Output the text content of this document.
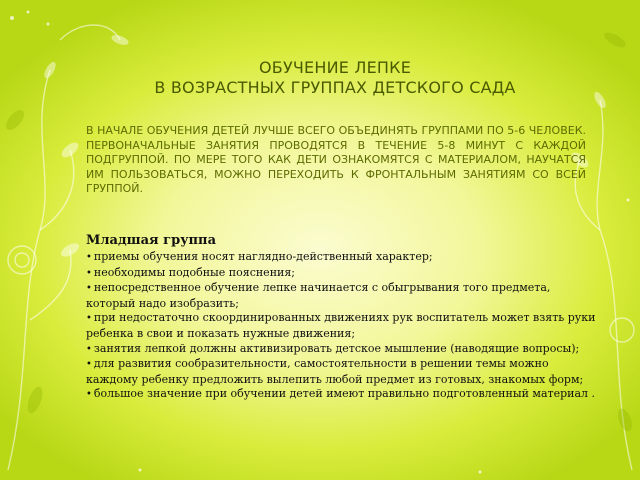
ОБУЧЕНИЕ ЛЕПКЕ
В ВОЗРАСТНЫХ ГРУППАХ ДЕТСКОГО САДА
В НАЧАЛЕ ОБУЧЕНИЯ ДЕТЕЙ ЛУЧШЕ ВСЕГО ОБЪЕДИНЯТЬ ГРУППАМИ ПО 5-6 ЧЕЛОВЕК. ПЕРВОНАЧАЛЬНЫЕ ЗАНЯТИЯ ПРОВОДЯТСЯ В ТЕЧЕНИЕ 5-8 МИНУТ С КАЖДОЙ ПОДГРУППОЙ. ПО МЕРЕ ТОГО КАК ДЕТИ ОЗНАКОМЯТСЯ С МАТЕРИАЛОМ, НАУЧАТСЯ ИМ ПОЛЬЗОВАТЬСЯ, МОЖНО ПЕРЕХОДИТЬ К ФРОНТАЛЬНЫМ ЗАНЯТИЯМ СО ВСЕЙ ГРУППОЙ.
Младшая группа
• приемы обучения носят наглядно-действенный характер;
• необходимы подобные пояснения;
• непосредственное обучение лепке начинается с обыгрывания того предмета, который надо изобразить;
• при недостаточно скоординированных движениях рук воспитатель может взять руки ребенка в свои и показать нужные движения;
• занятия лепкой должны активизировать детское мышление (наводящие вопросы);
• для развития сообразительности, самостоятельности в решении темы можно каждому ребенку предложить вылепить любой предмет из готовых, знакомых форм;
• большое значение при обучении детей имеют правильно подготовленный материал .
